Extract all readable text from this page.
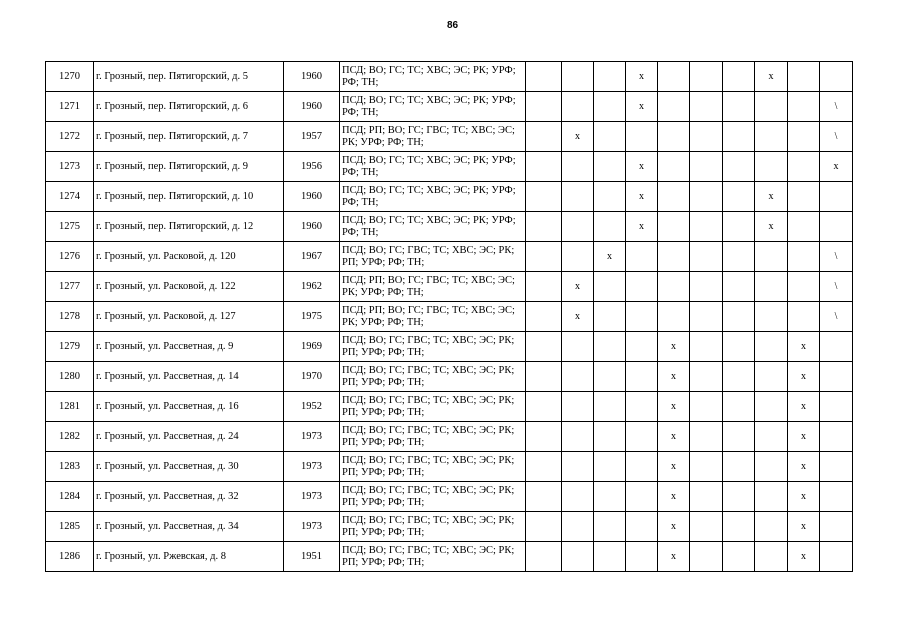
86
1270	г. Грозный, пер. Пятигорский, д. 5	1960	ПСД; ВО; ГС; ТС; ХВС; ЭС; РК; УРФ; РФ; ТН;				x				x		
1271	г. Грозный, пер. Пятигорский, д. 6	1960	ПСД; ВО; ГС; ТС; ХВС; ЭС; РК; УРФ; РФ; ТН;				x						\
1272	г. Грозный, пер. Пятигорский, д. 7	1957	ПСД; РП; ВО; ГС; ГВС; ТС; ХВС; ЭС; РК; УРФ; РФ; ТН;		x								\
1273	г. Грозный, пер. Пятигорский, д. 9	1956	ПСД; ВО; ГС; ТС; ХВС; ЭС; РК; УРФ; РФ; ТН;				x						x
1274	г. Грозный, пер. Пятигорский, д. 10	1960	ПСД; ВО; ГС; ТС; ХВС; ЭС; РК; УРФ; РФ; ТН;				x				x		
1275	г. Грозный, пер. Пятигорский, д. 12	1960	ПСД; ВО; ГС; ТС; ХВС; ЭС; РК; УРФ; РФ; ТН;				x				x		
1276	г. Грозный, ул. Расковой, д. 120	1967	ПСД; ВО; ГС; ГВС; ТС; ХВС; ЭС; РК; РП; УРФ; РФ; ТН;			x							\
1277	г. Грозный, ул. Расковой, д. 122	1962	ПСД; РП; ВО; ГС; ГВС; ТС; ХВС; ЭС; РК; УРФ; РФ; ТН;		x								\
1278	г. Грозный, ул. Расковой, д. 127	1975	ПСД; РП; ВО; ГС; ГВС; ТС; ХВС; ЭС; РК; УРФ; РФ; ТН;		x								\
1279	г. Грозный, ул. Рассветная, д. 9	1969	ПСД; ВО; ГС; ГВС; ТС; ХВС; ЭС; РК; РП; УРФ; РФ; ТН;					x				x	
1280	г. Грозный, ул. Рассветная, д. 14	1970	ПСД; ВО; ГС; ГВС; ТС; ХВС; ЭС; РК; РП; УРФ; РФ; ТН;					x				x	
1281	г. Грозный, ул. Рассветная, д. 16	1952	ПСД; ВО; ГС; ГВС; ТС; ХВС; ЭС; РК; РП; УРФ; РФ; ТН;					x				x	
1282	г. Грозный, ул. Рассветная, д. 24	1973	ПСД; ВО; ГС; ГВС; ТС; ХВС; ЭС; РК; РП; УРФ; РФ; ТН;					x				x	
1283	г. Грозный, ул. Рассветная, д. 30	1973	ПСД; ВО; ГС; ГВС; ТС; ХВС; ЭС; РК; РП; УРФ; РФ; ТН;					x				x	
1284	г. Грозный, ул. Рассветная, д. 32	1973	ПСД; ВО; ГС; ГВС; ТС; ХВС; ЭС; РК; РП; УРФ; РФ; ТН;					x				x	
1285	г. Грозный, ул. Рассветная, д. 34	1973	ПСД; ВО; ГС; ГВС; ТС; ХВС; ЭС; РК; РП; УРФ; РФ; ТН;					x				x	
1286	г. Грозный, ул. Ржевская, д. 8	1951	ПСД; ВО; ГС; ГВС; ТС; ХВС; ЭС; РК; РП; УРФ; РФ; ТН;					x				x	
